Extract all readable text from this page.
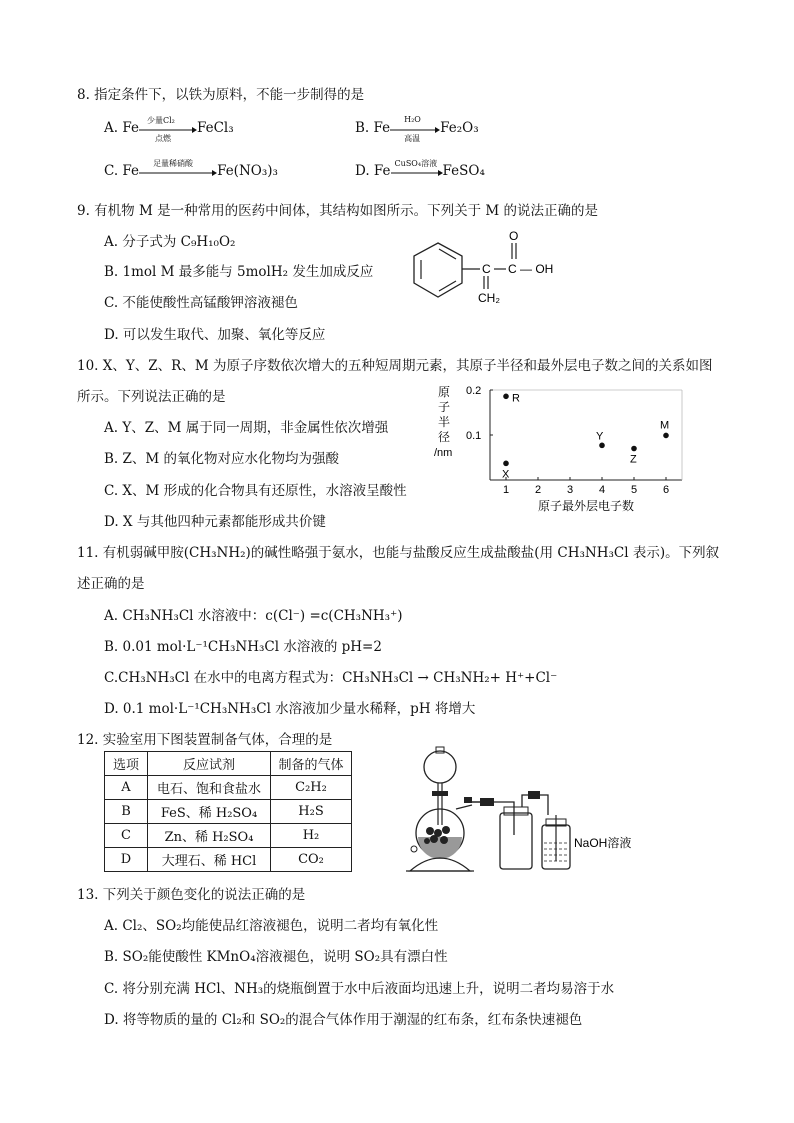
8. 指定条件下，以铁为原料，不能一步制得的是
A. Fe 少量Cl₂
点燃
FeCl₃	B. Fe
H₂O
高温
Fe₂O₃
C. Fe 足量稀硝酸 Fe(NO₃)₃	D. Fe CuSO₄溶液 FeSO₄
9. 有机物 M 是一种常用的医药中间体，其结构如图所示。下列关于 M 的说法正确的是
A. 分子式为 C₉H₁₀O₂
B. 1mol M 最多能与 5molH₂ 发生加成反应
C. 不能使酸性高锰酸钾溶液褪色
D. 可以发生取代、加聚、氧化等反应
C C — OH
O
CH₂
10. X、Y、Z、R、M 为原子序数依次增大的五种短周期元素，其原子半径和最外层电子数之间的关系如图
所示。下列说法正确的是
A. Y、Z、M 属于同一周期，非金属性依次增强
B. Z、M 的氧化物对应水化物均为强酸
C. X、M 形成的化合物具有还原性，水溶液呈酸性
D. X 与其他四种元素都能形成共价键
原
子
半
径
/nm
1 2 3 4 5 6
0.1
0.2
R
X
Y
Z
M
原子最外层电子数
11. 有机弱碱甲胺(CH₃NH₂)的碱性略强于氨水，也能与盐酸反应生成盐酸盐(用 CH₃NH₃Cl 表示)。下列叙
述正确的是
A. CH₃NH₃Cl 水溶液中：c(Cl⁻) =c(CH₃NH₃⁺)
B. 0.01 mol·L⁻¹CH₃NH₃Cl 水溶液的 pH=2
C.CH₃NH₃Cl 在水中的电离方程式为：CH₃NH₃Cl → CH₃NH₂+ H⁺+Cl⁻
D. 0.1 mol·L⁻¹CH₃NH₃Cl 水溶液加少量水稀释，pH 将增大
12. 实验室用下图装置制备气体，合理的是
选项	反应试剂	制备的气体
A	电石、饱和食盐水	C₂H₂
B	FeS、稀 H₂SO₄	H₂S
C	Zn、稀 H₂SO₄	H₂
D	大理石、稀 HCl	CO₂
NaOH溶液
13. 下列关于颜色变化的说法正确的是
A. Cl₂、SO₂均能使品红溶液褪色，说明二者均有氧化性
B. SO₂能使酸性 KMnO₄溶液褪色，说明 SO₂具有漂白性
C. 将分别充满 HCl、NH₃的烧瓶倒置于水中后液面均迅速上升，说明二者均易溶于水
D. 将等物质的量的 Cl₂和 SO₂的混合气体作用于潮湿的红布条，红布条快速褪色
